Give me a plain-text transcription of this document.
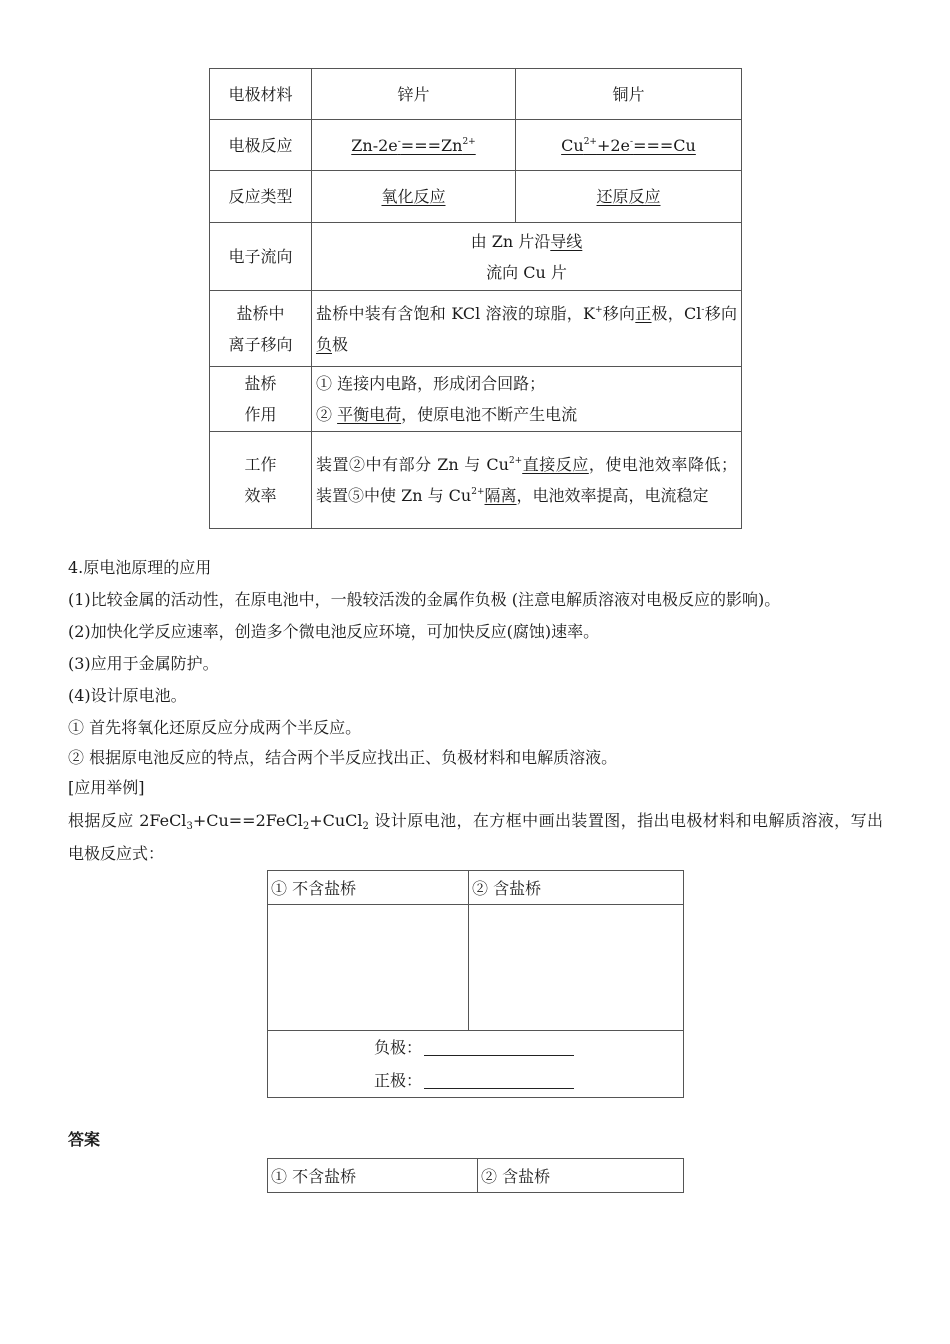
电极材料	锌片	铜片
电极反应	$Zn-2e^-===Zn^{2+}$	$Cu^{2+}+2e^-===Cu$
反应类型	氧化反应	还原反应
电子流向	由 Zn 片沿导线
流向 Cu 片	
盐桥中
离子移向	盐桥中装有含饱和 KCl 溶液的琼脂，K+移向正极，Cl-移向负极	
盐桥
作用	① 连接内电路，形成闭合回路；
② 平衡电荷，使原电池不断产生电流	
工作
效率	装置②中有部分 Zn 与 $Cu^{2+}$直接反应，使电池效率降低；装置⑤中使 Zn 与 $Cu^{2+}$隔离，电池效率提高，电流稳定	
4.原电池原理的应用
(1)比较金属的活动性，在原电池中，一般较活泼的金属作负极 (注意电解质溶液对电极反应的影响)。
(2)加快化学反应速率，创造多个微电池反应环境，可加快反应(腐蚀)速率。
(3)应用于金属防护。
(4)设计原电池。
① 首先将氧化还原反应分成两个半反应。
② 根据原电池反应的特点，结合两个半反应找出正、负极材料和电解质溶液。
[应用举例]
根据反应 2FeCl$_3$+Cu==2FeCl$_2$+CuCl$_2$ 设计原电池，在方框中画出装置图，指出电极材料和电解质溶液，写出电极反应式：
① 不含盐桥	② 含盐桥

负极：
正极：	
答案
① 不含盐桥	② 含盐桥
